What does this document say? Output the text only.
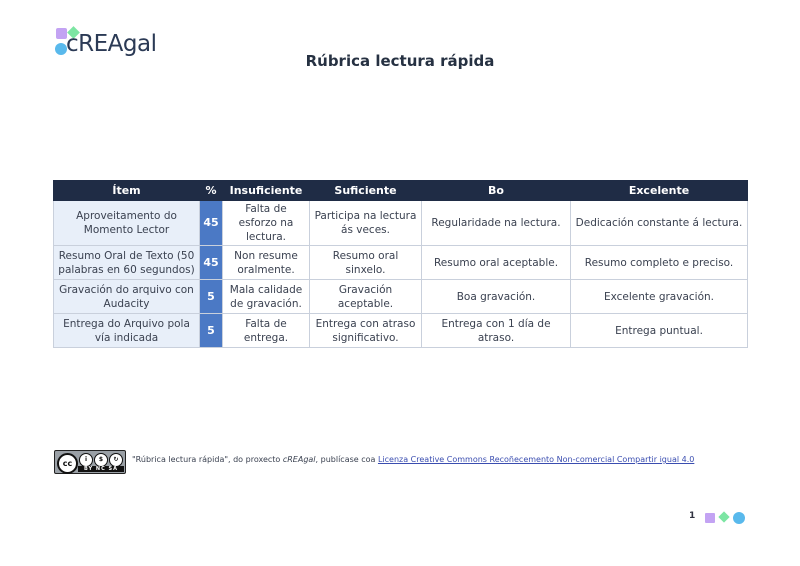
cREAgal
Rúbrica lectura rápida
Ítem	%	Insuficiente	Suficiente	Bo	Excelente
Aproveitamento do Momento Lector	45	Falta de esforzo na lectura.	Participa na lectura ás veces.	Regularidade na lectura.	Dedicación constante á lectura.
Resumo Oral de Texto (50 palabras en 60 segundos)	45	Non resume oralmente.	Resumo oral sinxelo.	Resumo oral aceptable.	Resumo completo e preciso.
Gravación do arquivo con Audacity	5	Mala calidade de gravación.	Gravación aceptable.	Boa gravación.	Excelente gravación.
Entrega do Arquivo pola vía indicada	5	Falta de entrega.	Entrega con atraso significativo.	Entrega con 1 día de atraso.	Entrega puntual.
cc	i	$	↻
BY NC SA
"Rúbrica lectura rápida", do proxecto cREAgal, publícase coa Licenza Creative Commons Recoñecemento Non-comercial Compartir igual 4.0
1
